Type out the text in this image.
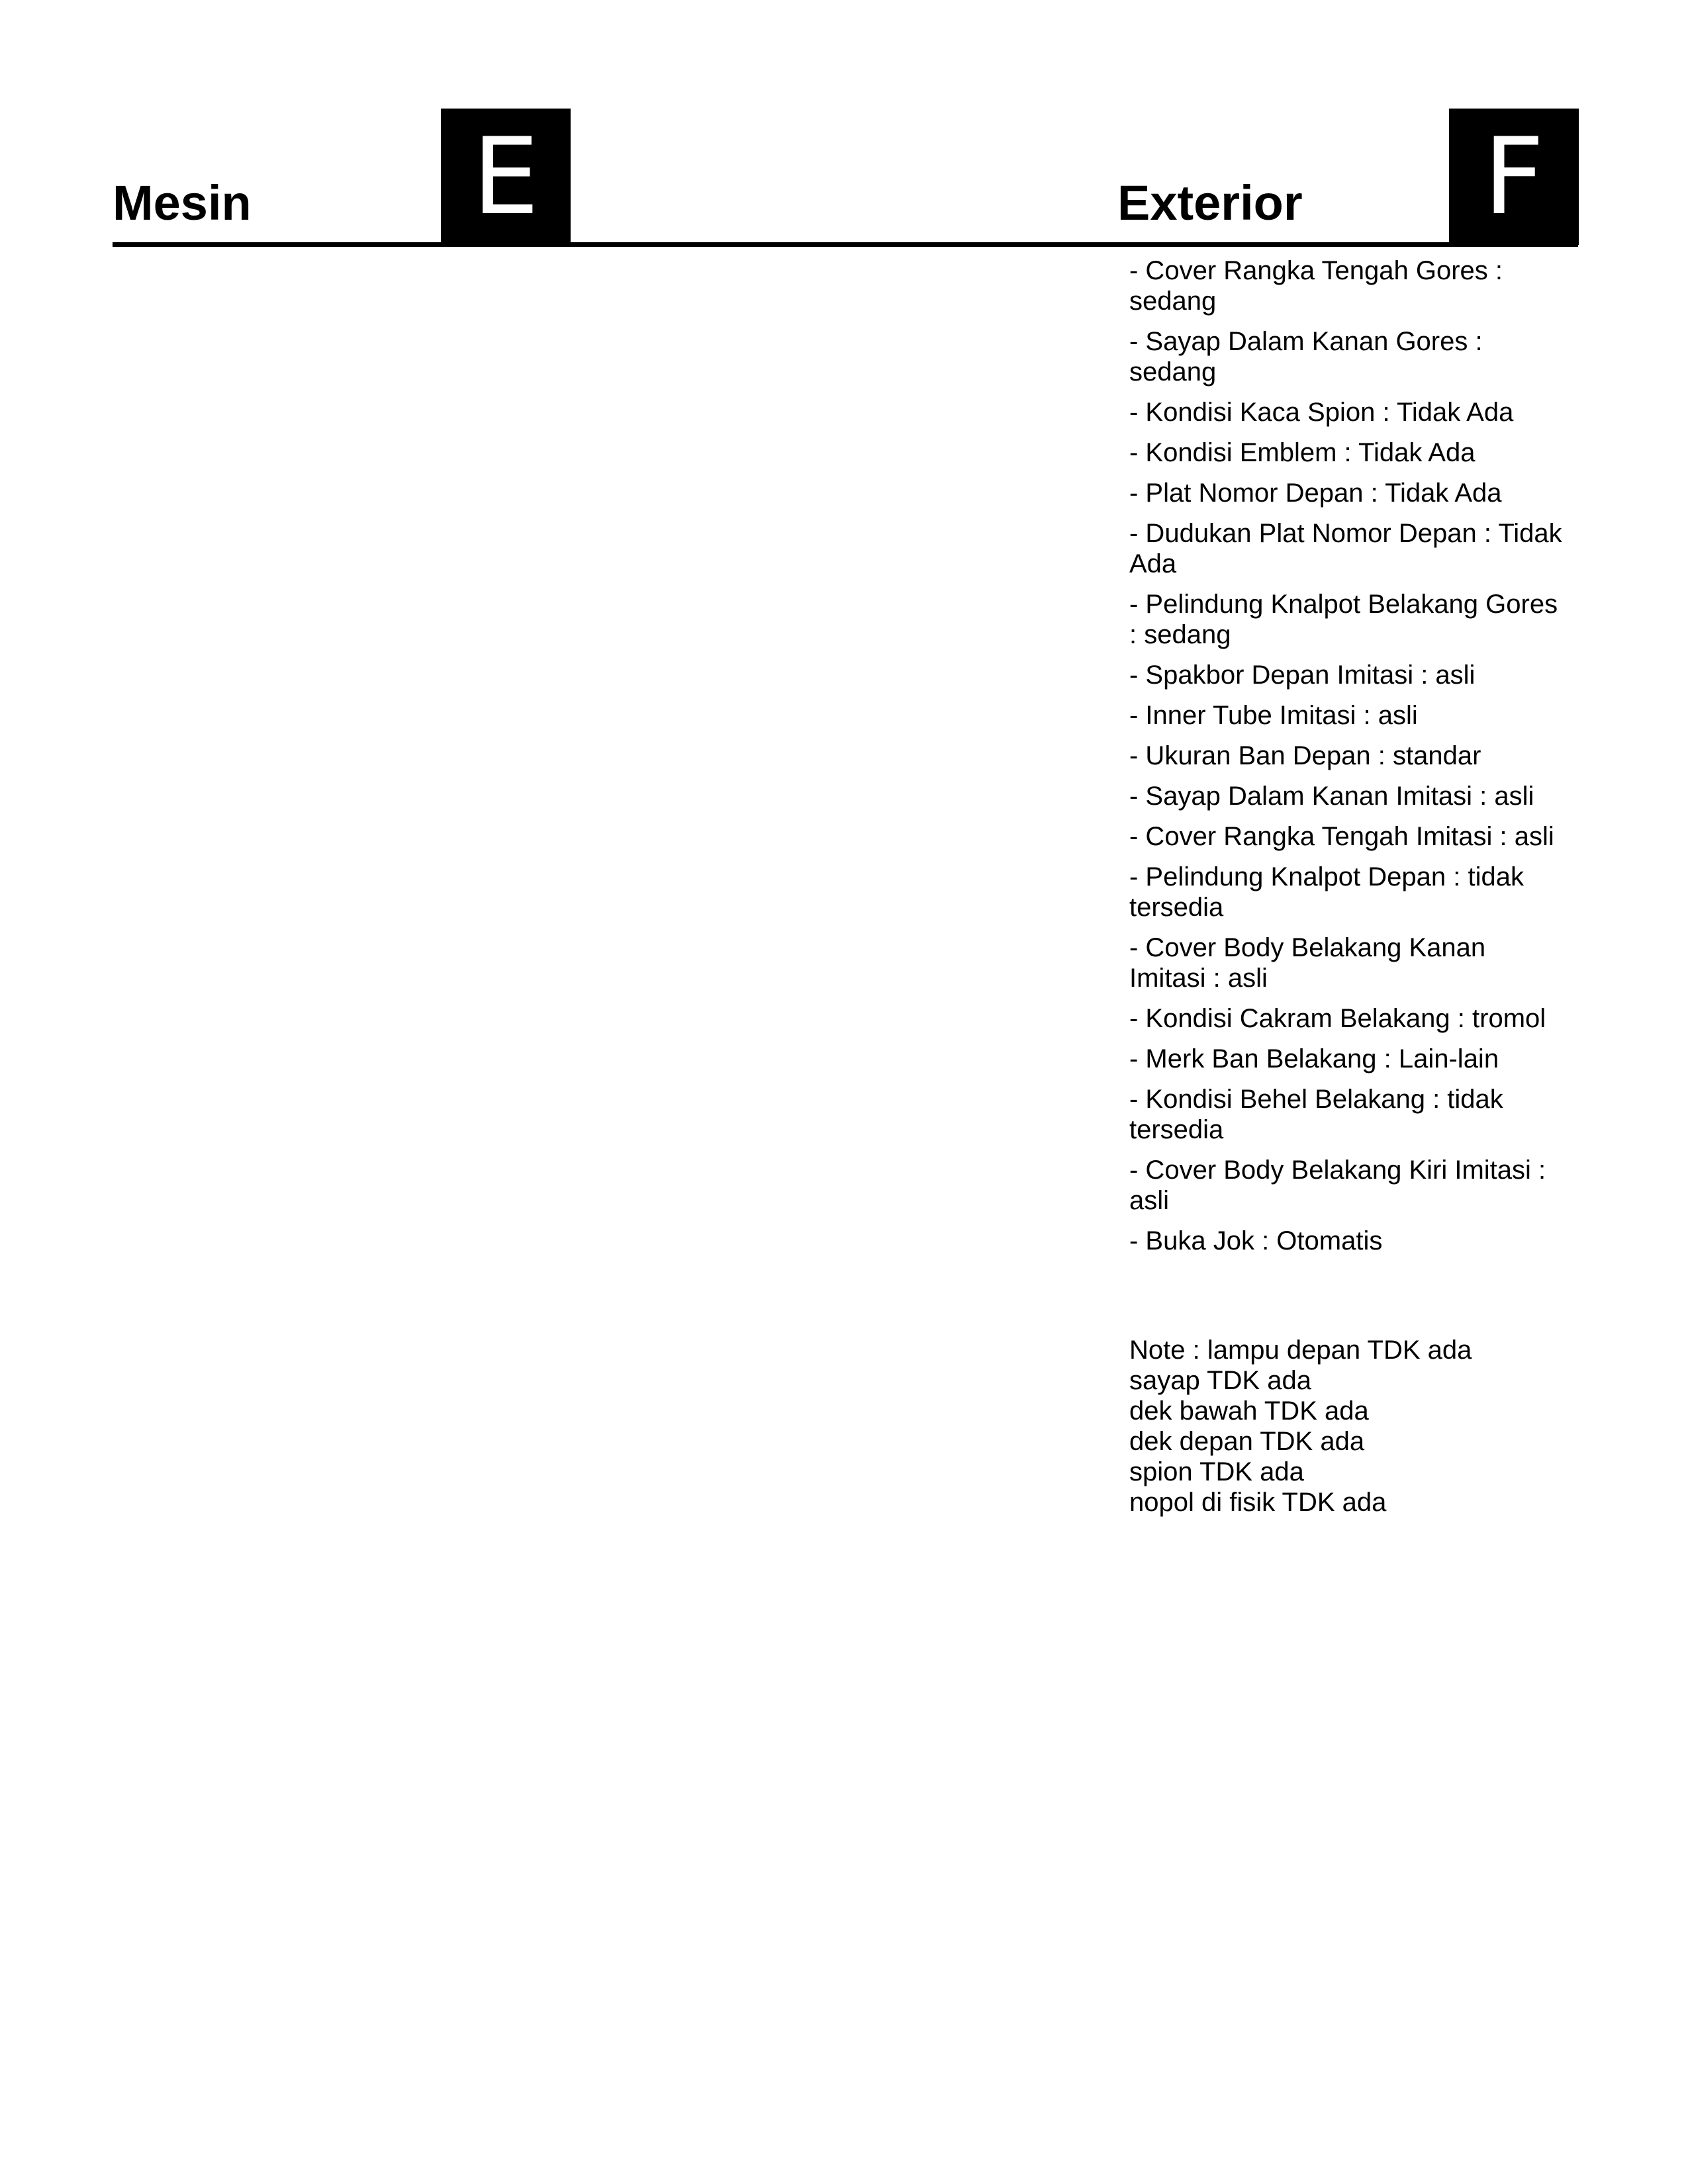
Mesin E	Exterior	F
- Cover Rangka Tengah Gores : sedang
- Sayap Dalam Kanan Gores : sedang
- Kondisi Kaca Spion : Tidak Ada
- Kondisi Emblem : Tidak Ada
- Plat Nomor Depan : Tidak Ada
- Dudukan Plat Nomor Depan : Tidak Ada
- Pelindung Knalpot Belakang Gores : sedang
- Spakbor Depan Imitasi : asli
- Inner Tube Imitasi : asli
- Ukuran Ban Depan : standar
- Sayap Dalam Kanan Imitasi : asli
- Cover Rangka Tengah Imitasi : asli
- Pelindung Knalpot Depan : tidak tersedia
- Cover Body Belakang Kanan Imitasi : asli
- Kondisi Cakram Belakang : tromol
- Merk Ban Belakang : Lain-lain
- Kondisi Behel Belakang : tidak tersedia
- Cover Body Belakang Kiri Imitasi : asli
- Buka Jok : Otomatis
Note : lampu depan TDK ada
sayap TDK ada
dek bawah TDK ada
dek depan TDK ada
spion TDK ada
nopol di fisik TDK ada
